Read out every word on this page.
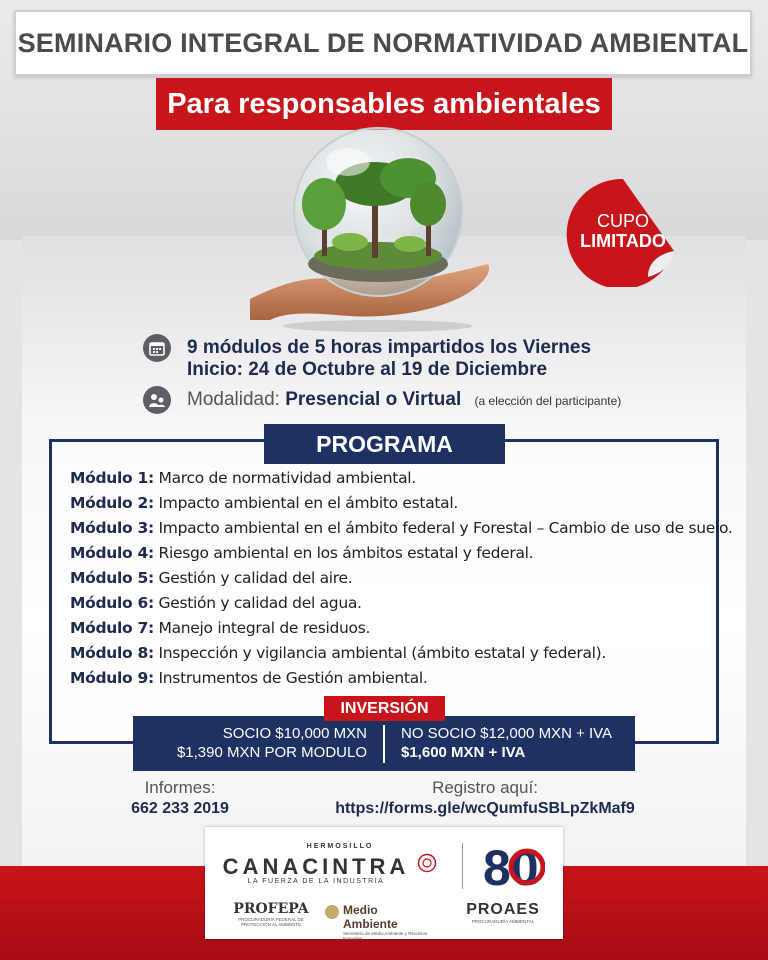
SEMINARIO INTEGRAL DE NORMATIVIDAD AMBIENTAL
Para responsables ambientales
CUPO
LIMITADO
9 módulos de 5 horas impartidos los Viernes
Inicio: 24 de Octubre al 19 de Diciembre
Modalidad: Presencial o Virtual (a elección del participante)
PROGRAMA
Módulo 1: Marco de normatividad ambiental.
Módulo 2: Impacto ambiental en el ámbito estatal.
Módulo 3: Impacto ambiental en el ámbito federal y Forestal – Cambio de uso de suelo.
Módulo 4: Riesgo ambiental en los ámbitos estatal y federal.
Módulo 5: Gestión y calidad del aire.
Módulo 6: Gestión y calidad del agua.
Módulo 7: Manejo integral de residuos.
Módulo 8: Inspección y vigilancia ambiental (ámbito estatal y federal).
Módulo 9: Instrumentos de Gestión ambiental.
SOCIO $10,000 MXN
$1,390 MXN POR MODULO
NO SOCIO $12,000 MXN + IVA
$1,600 MXN + IVA
INVERSIÓN
Informes:
662 233 2019
Registro aquí:
https://forms.gle/wcQumfuSBLpZkMaf9
HERMOSILLO
CANACINTRA
LA FUERZA DE LA INDUSTRIA 80
PROFEPA
PROCURADURÍA FEDERAL DE PROTECCIÓN AL AMBIENTE
Medio Ambiente
Secretaría de Medio Ambiente y Recursos Naturales
PROAES
PROCURADURÍA AMBIENTAL
